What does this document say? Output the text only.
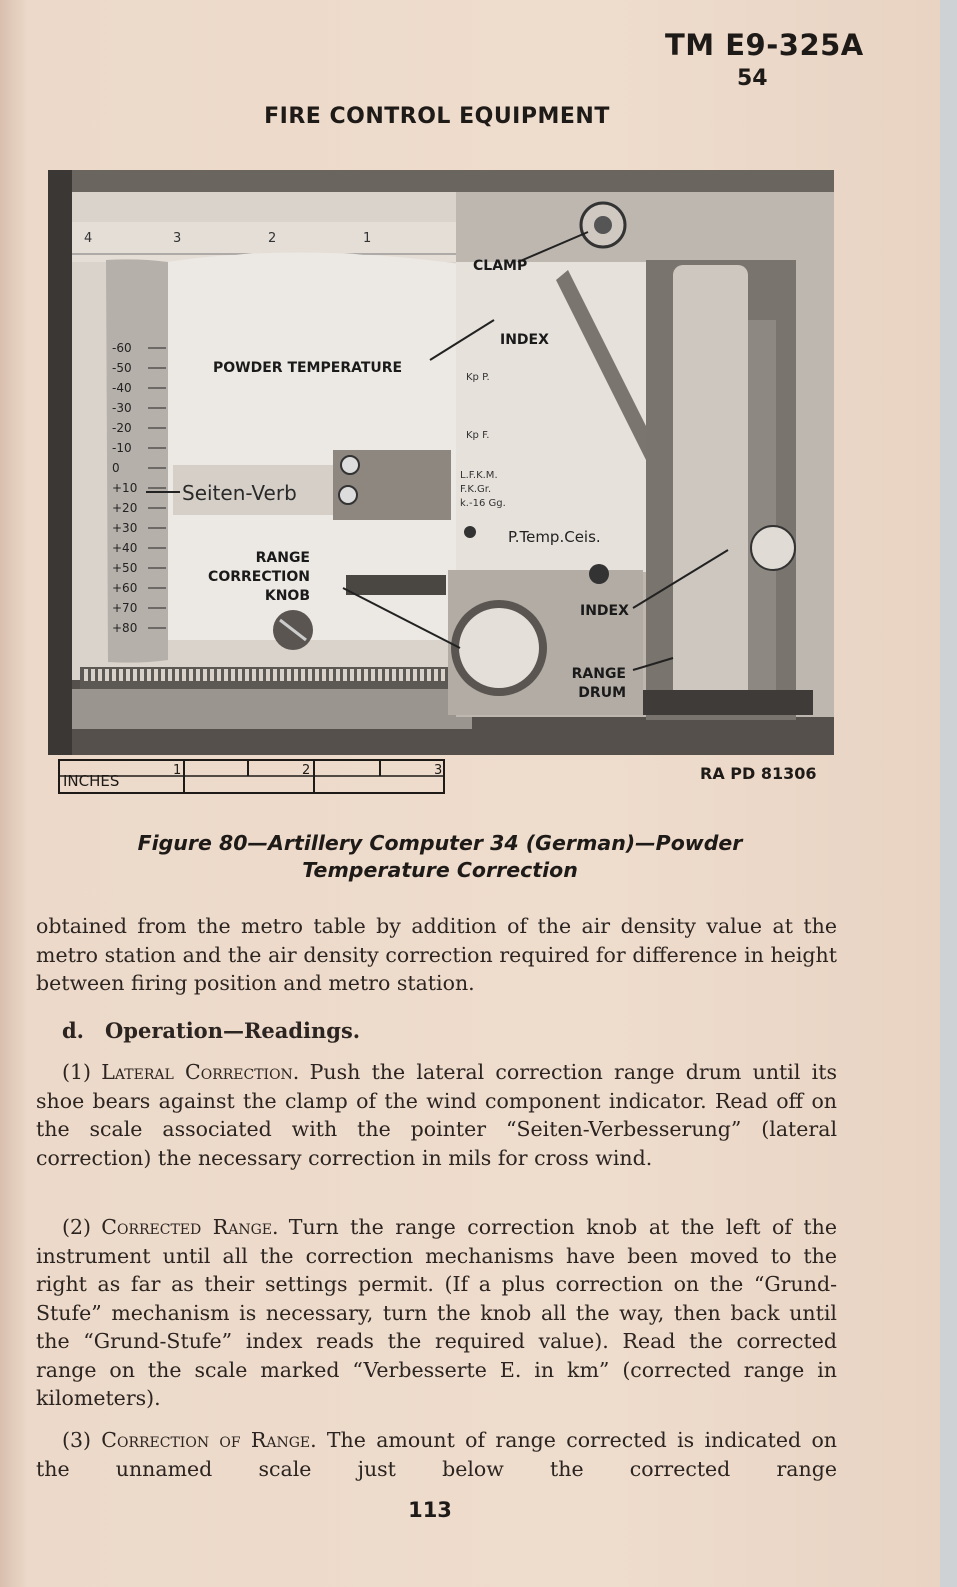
TM E9-325A
54
FIRE CONTROL EQUIPMENT
4	3	2	1
-60
-50
-40
-30
-20
-10
0
+10
+20
+30
+40
+50
+60
+70
+80
Seiten-Verb
Kp P.
Kp F.
L.F.K.M.
F.K.Gr.
k.-16 Gg.
P.Temp.Ceis.
CLAMP
POWDER TEMPERATURE
INDEX
RANGE
CORRECTION
KNOB
INDEX
RANGE
DRUM
INCHES
1	2	3	RA PD 81306
Figure 80—Artillery Computer 34 (German)—Powder
Temperature Correction
obtained from the metro table by addition of the air density value at the metro station and the air density correction required for difference in height between firing position and metro station.
d. Operation—Readings.
(1)  Lateral Correction.  Push the lateral correction range drum until its shoe bears against the clamp of the wind component indicator. Read off on the scale associated with the pointer “Seiten-Verbesserung” (lateral correction) the necessary correction in mils for cross wind.
(2)  Corrected Range.  Turn the range correction knob at the left of the instrument until all the correction mechanisms have been moved to the right as far as their settings permit. (If a plus correction on the “Grund-Stufe” mechanism is necessary, turn the knob all the way, then back until the “Grund-Stufe” index reads the required value). Read the corrected range on the scale marked “Verbesserte E. in km” (corrected range in kilometers).
(3)  Correction of Range.  The amount of range corrected is indicated on the unnamed scale just below the corrected range
113
